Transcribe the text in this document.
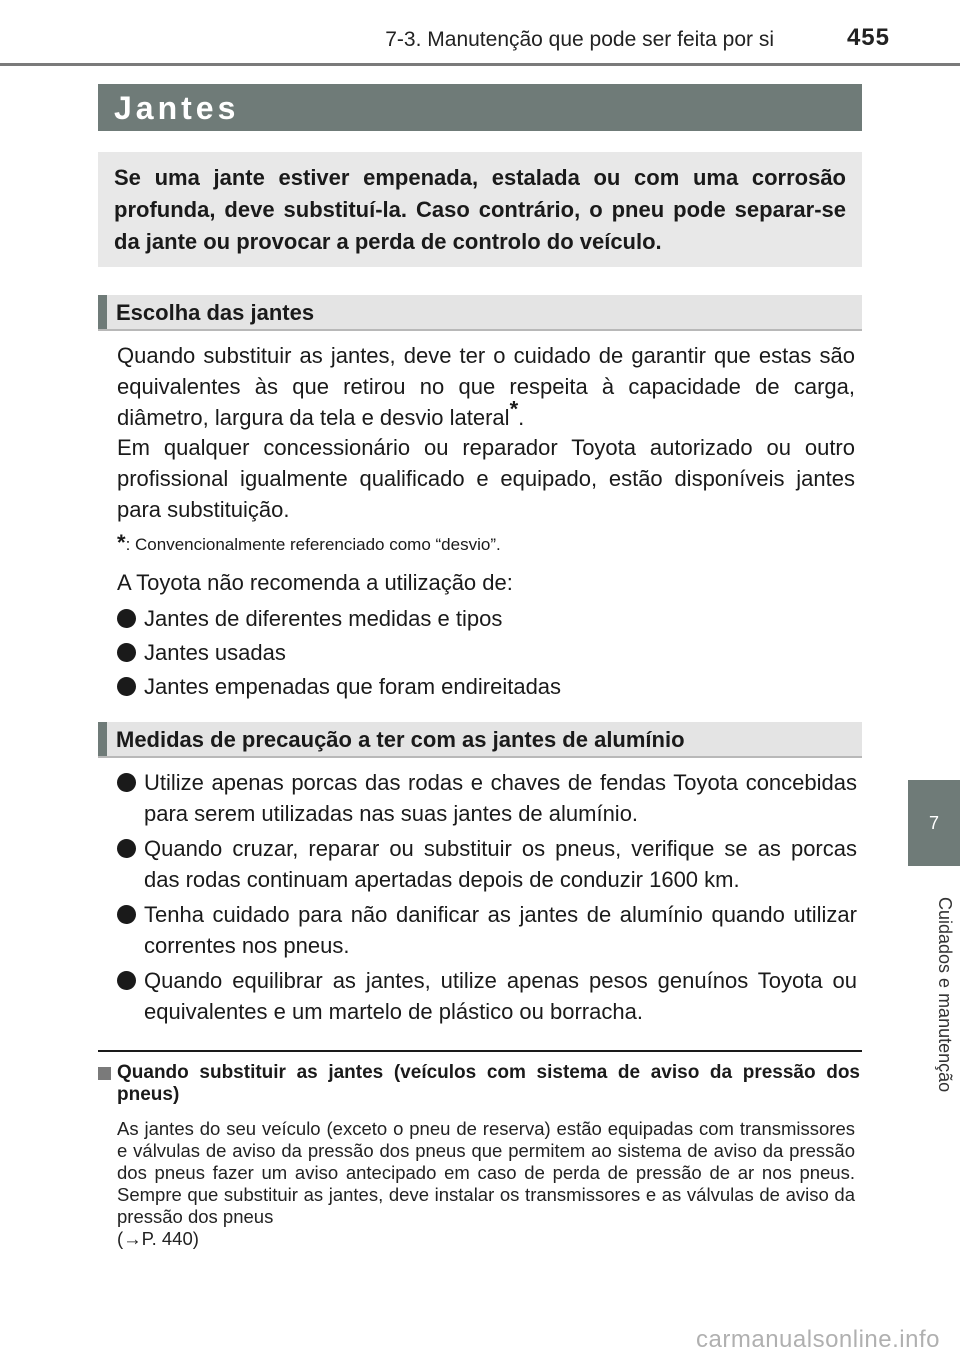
7-3. Manutenção que pode ser feita por si	455
7
Cuidados e manutenção
Jantes
Se uma jante estiver empenada, estalada ou com uma corrosão profunda, deve substituí-la. Caso contrário, o pneu pode separar-se da jante ou provocar a perda de controlo do veículo.
Escolha das jantes
Quando substituir as jantes, deve ter o cuidado de garantir que estas são equivalentes às que retirou no que respeita à capacidade de carga, diâmetro, largura da tela e desvio lateral*.
Em qualquer concessionário ou reparador Toyota autorizado ou outro profissional igualmente qualificado e equipado, estão disponíveis jantes para substituição.
*: Convencionalmente referenciado como “desvio”.
A Toyota não recomenda a utilização de:
Jantes de diferentes medidas e tipos
Jantes usadas
Jantes empenadas que foram endireitadas
Medidas de precaução a ter com as jantes de alumínio
Utilize apenas porcas das rodas e chaves de fendas Toyota concebidas para serem utilizadas nas suas jantes de alumínio.
Quando cruzar, reparar ou substituir os pneus, verifique se as porcas das rodas continuam apertadas depois de conduzir 1600 km.
Tenha cuidado para não danificar as jantes de alumínio quando utilizar correntes nos pneus.
Quando equilibrar as jantes, utilize apenas pesos genuínos Toyota ou equivalentes e um martelo de plástico ou borracha.
Quando substituir as jantes (veículos com sistema de aviso da pressão dos pneus)
As jantes do seu veículo (exceto o pneu de reserva) estão equipadas com transmissores e válvulas de aviso da pressão dos pneus que permitem ao sistema de aviso da pressão dos pneus fazer um aviso antecipado em caso de perda de pressão de ar nos pneus. Sempre que substituir as jantes, deve instalar os transmissores e as válvulas de aviso da pressão dos pneus
(→P. 440)
carmanualsonline.info
